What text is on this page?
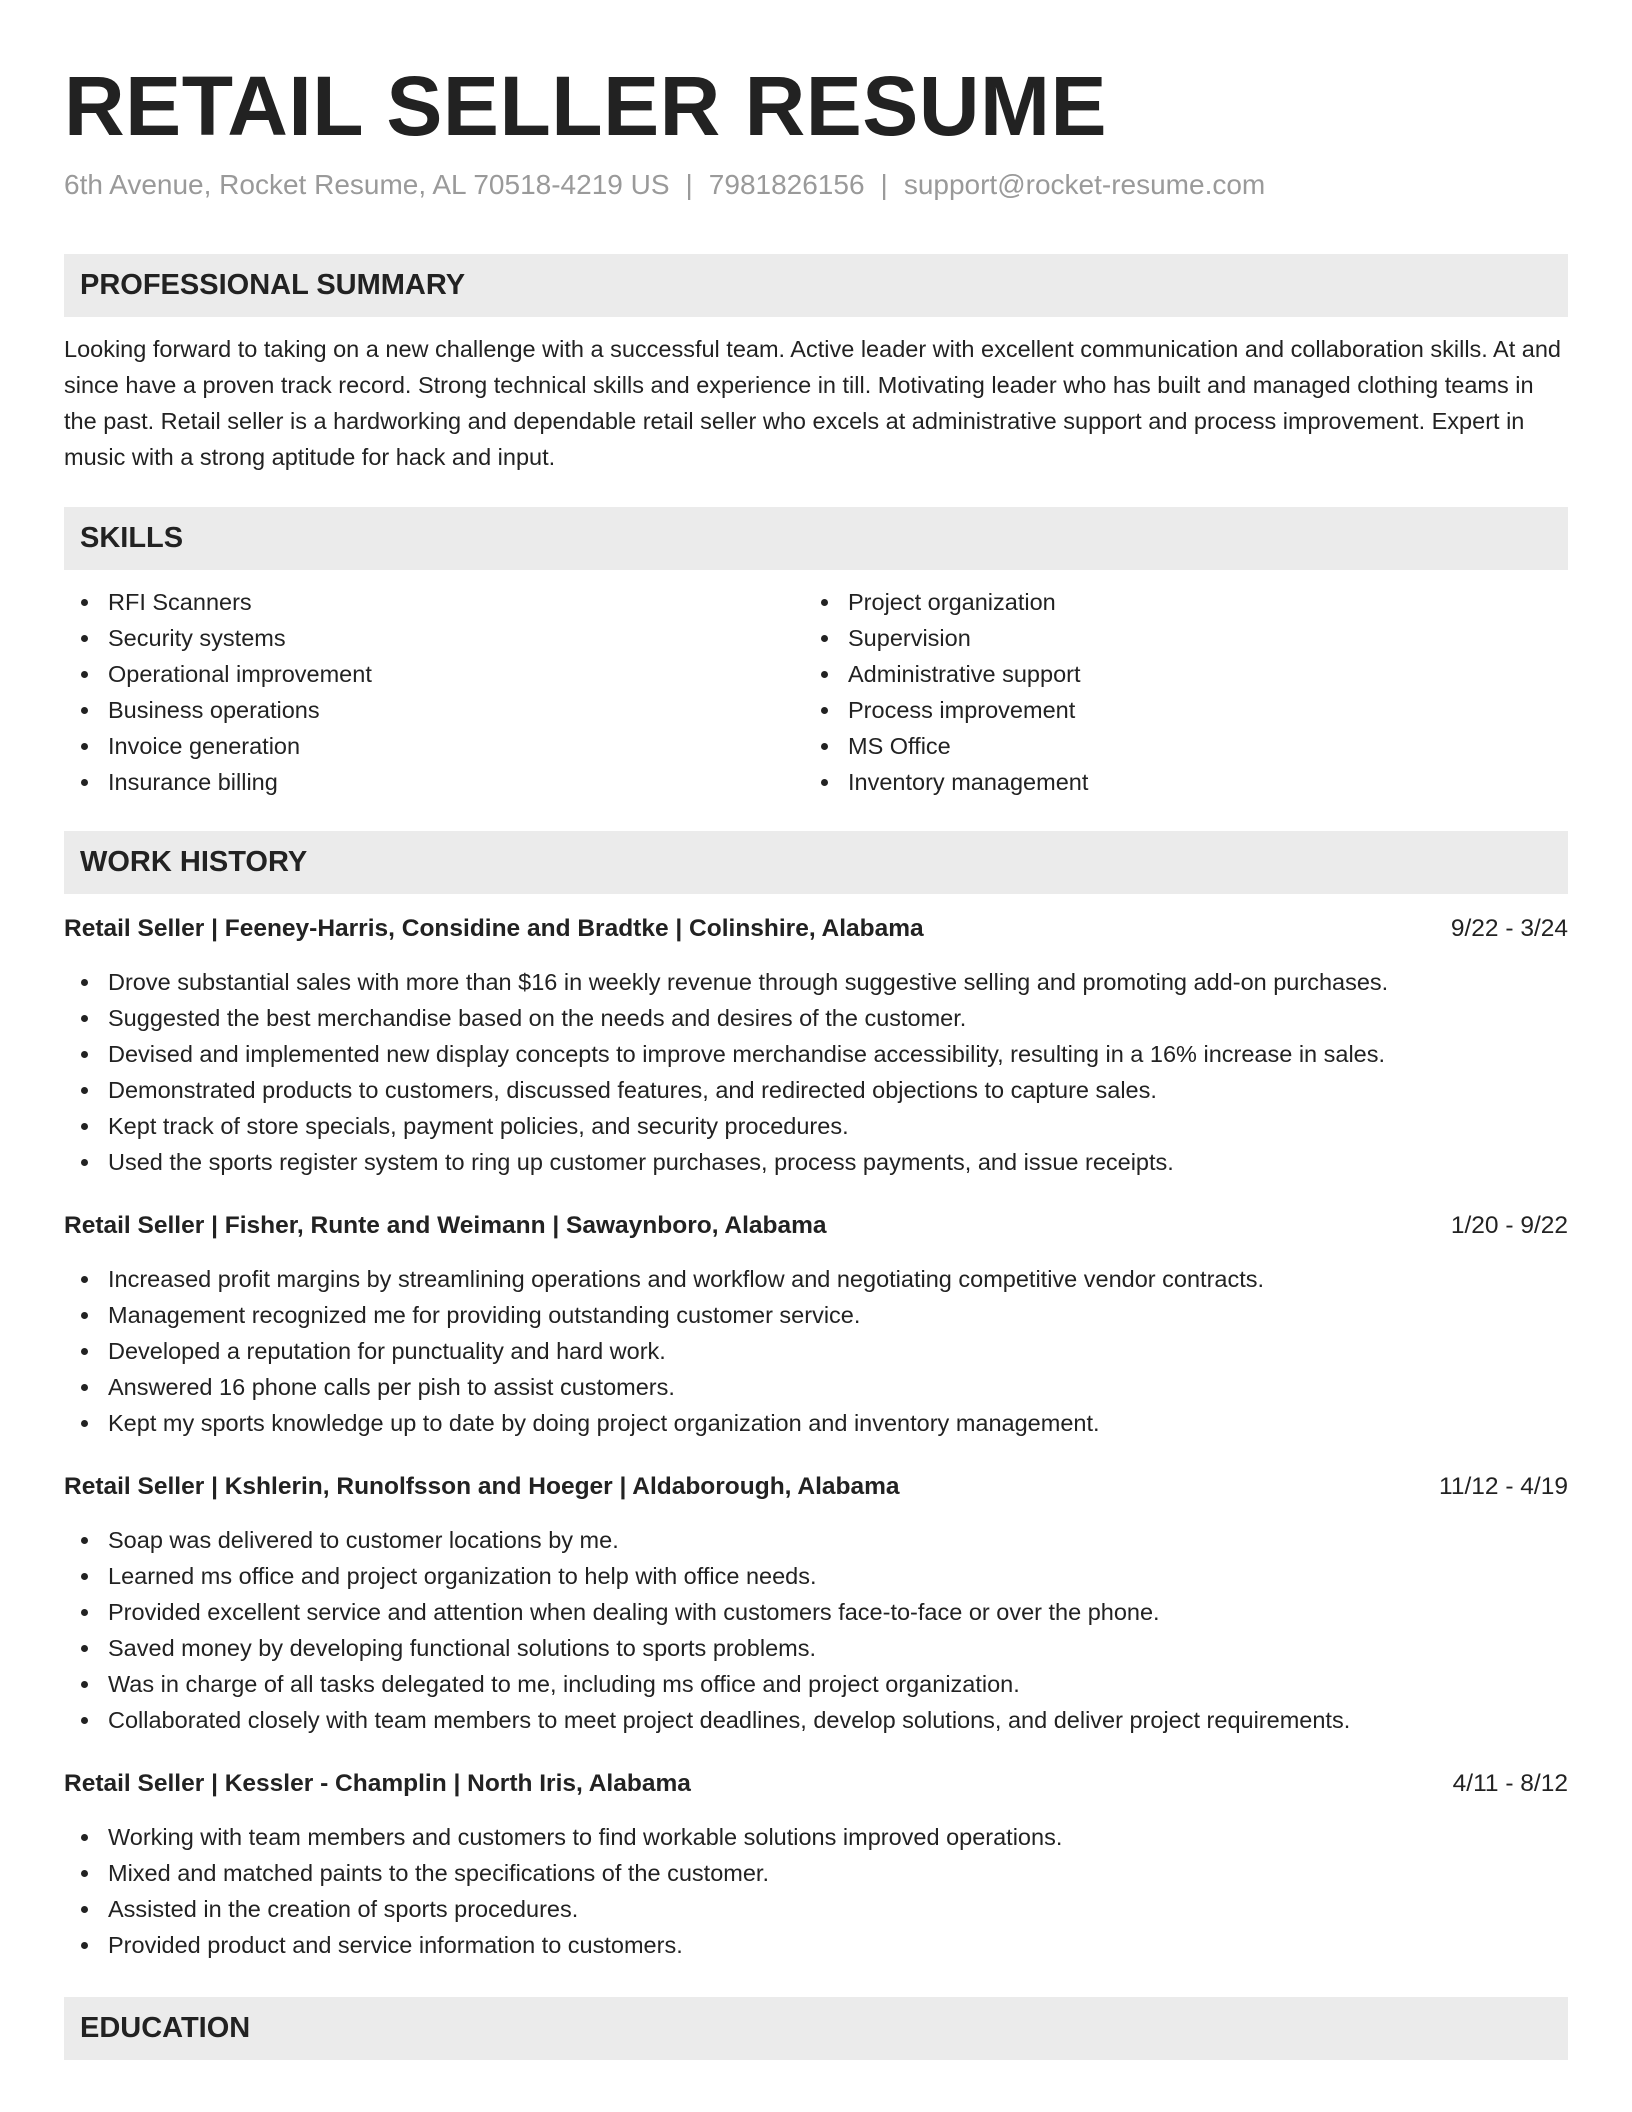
RETAIL SELLER RESUME
6th Avenue, Rocket Resume, AL 70518-4219 US | 7981826156 | support@rocket-resume.com
PROFESSIONAL SUMMARY

Looking forward to taking on a new challenge with a successful team. Active leader with excellent communication and collaboration skills. At and since have a proven track record. Strong technical skills and experience in till. Motivating leader who has built and managed clothing teams in the past. Retail seller is a hardworking and dependable retail seller who excels at administrative support and process improvement. Expert in music with a strong aptitude for hack and input.

SKILLS
RFI Scanners
Security systems
Operational improvement
Business operations
Invoice generation
Insurance billing
Project organization
Supervision
Administrative support
Process improvement
MS Office
Inventory management
WORK HISTORY
Retail Seller | Feeney-Harris, Considine and Bradtke | Colinshire, Alabama	9/22 - 3/24
Drove substantial sales with more than $16 in weekly revenue through suggestive selling and promoting add-on purchases.
Suggested the best merchandise based on the needs and desires of the customer.
Devised and implemented new display concepts to improve merchandise accessibility, resulting in a 16% increase in sales.
Demonstrated products to customers, discussed features, and redirected objections to capture sales.
Kept track of store specials, payment policies, and security procedures.
Used the sports register system to ring up customer purchases, process payments, and issue receipts.
Retail Seller | Fisher, Runte and Weimann | Sawaynboro, Alabama	1/20 - 9/22
Increased profit margins by streamlining operations and workflow and negotiating competitive vendor contracts.
Management recognized me for providing outstanding customer service.
Developed a reputation for punctuality and hard work.
Answered 16 phone calls per pish to assist customers.
Kept my sports knowledge up to date by doing project organization and inventory management.
Retail Seller | Kshlerin, Runolfsson and Hoeger | Aldaborough, Alabama	11/12 - 4/19
Soap was delivered to customer locations by me.
Learned ms office and project organization to help with office needs.
Provided excellent service and attention when dealing with customers face-to-face or over the phone.
Saved money by developing functional solutions to sports problems.
Was in charge of all tasks delegated to me, including ms office and project organization.
Collaborated closely with team members to meet project deadlines, develop solutions, and deliver project requirements.
Retail Seller | Kessler - Champlin | North Iris, Alabama	4/11 - 8/12
Working with team members and customers to find workable solutions improved operations.
Mixed and matched paints to the specifications of the customer.
Assisted in the creation of sports procedures.
Provided product and service information to customers.
EDUCATION
